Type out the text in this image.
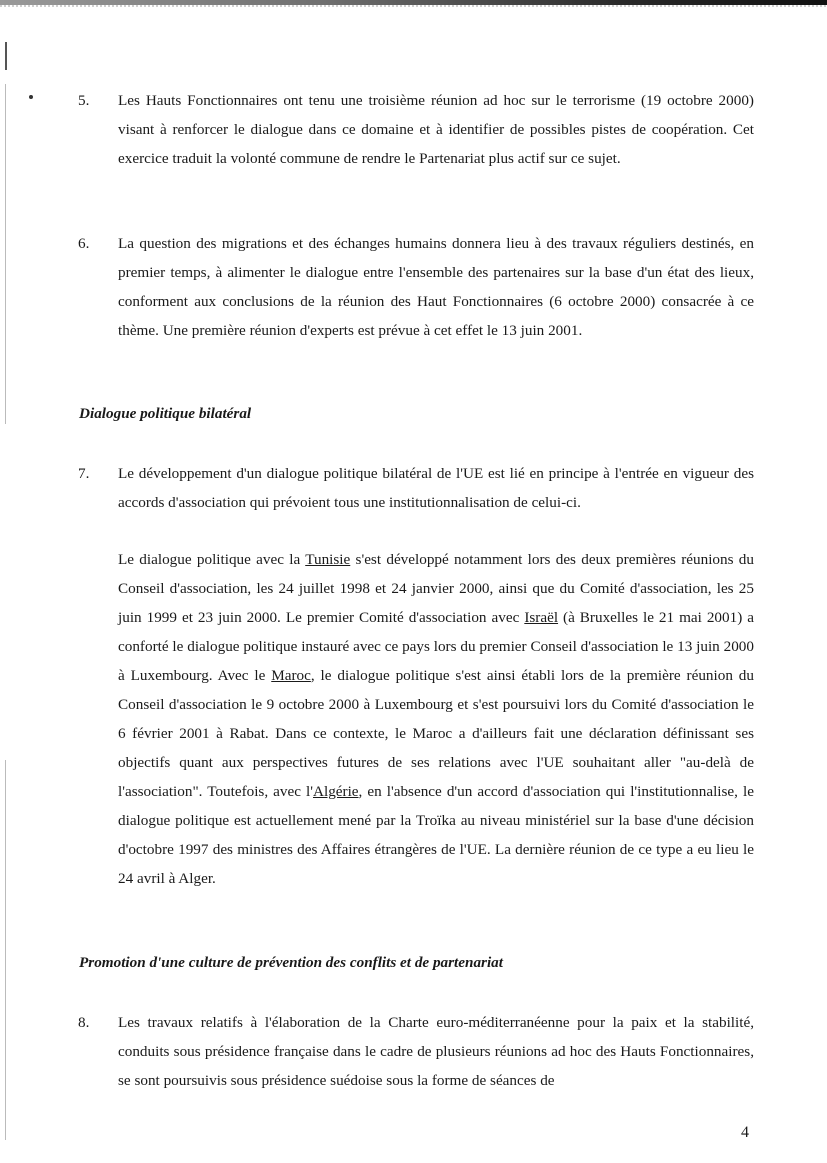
5. Les Hauts Fonctionnaires ont tenu une troisième réunion ad hoc sur le terrorisme (19 octobre 2000) visant à renforcer le dialogue dans ce domaine et à identifier de possibles pistes de coopération. Cet exercice traduit la volonté commune de rendre le Partenariat plus actif sur ce sujet.
6. La question des migrations et des échanges humains donnera lieu à des travaux réguliers destinés, en premier temps, à alimenter le dialogue entre l'ensemble des partenaires sur la base d'un état des lieux, conforment aux conclusions de la réunion des Haut Fonctionnaires (6 octobre 2000) consacrée à ce thème. Une première réunion d'experts est prévue à cet effet le 13 juin 2001.
Dialogue politique bilatéral
7. Le développement d'un dialogue politique bilatéral de l'UE est lié en principe à l'entrée en vigueur des accords d'association qui prévoient tous une institutionnalisation de celui-ci.
Le dialogue politique avec la Tunisie s'est développé notamment lors des deux premières réunions du Conseil d'association, les 24 juillet 1998 et 24 janvier 2000, ainsi que du Comité d'association, les 25 juin 1999 et 23 juin 2000. Le premier Comité d'association avec Israël (à Bruxelles le 21 mai 2001) a conforté le dialogue politique instauré avec ce pays lors du premier Conseil d'association le 13 juin 2000 à Luxembourg. Avec le Maroc, le dialogue politique s'est ainsi établi lors de la première réunion du Conseil d'association le 9 octobre 2000 à Luxembourg et s'est poursuivi lors du Comité d'association le 6 février 2001 à Rabat. Dans ce contexte, le Maroc a d'ailleurs fait une déclaration définissant ses objectifs quant aux perspectives futures de ses relations avec l'UE souhaitant aller "au-delà de l'association". Toutefois, avec l'Algérie, en l'absence d'un accord d'association qui l'institutionnalise, le dialogue politique est actuellement mené par la Troïka au niveau ministériel sur la base d'une décision d'octobre 1997 des ministres des Affaires étrangères de l'UE. La dernière réunion de ce type a eu lieu le 24 avril à Alger.
Promotion d'une culture de prévention des conflits et de partenariat
8. Les travaux relatifs à l'élaboration de la Charte euro-méditerranéenne pour la paix et la stabilité, conduits sous présidence française dans le cadre de plusieurs réunions ad hoc des Hauts Fonctionnaires, se sont poursuivis sous présidence suédoise sous la forme de séances de
4
